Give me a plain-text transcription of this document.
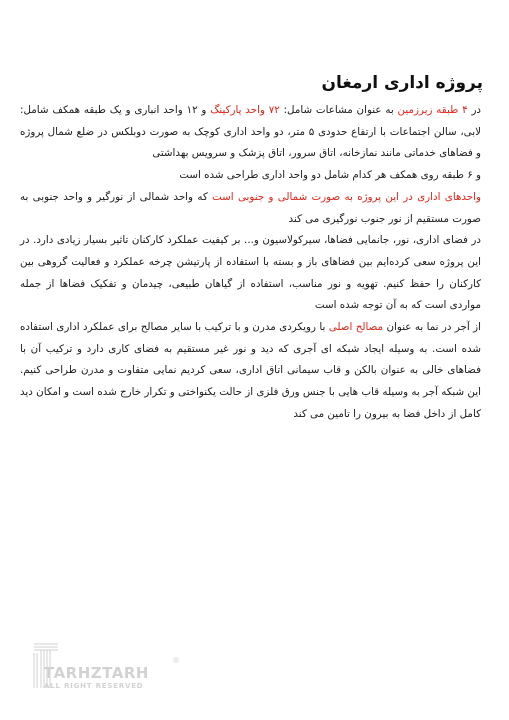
پروژه اداری ارمغان

در ۴ طبقه زیرزمین به عنوان مشاعات شامل: ۷۲ واحد پارکینگ و ۱۲ واحد انباری و یک طبقه همکف شامل: لابی، سالن اجتماعات با ارتفاع حدودی ۵ متر، دو واحد اداری کوچک به صورت دوبلکس در ضلع شمال پروژه و فضاهای خدماتی مانند نمازخانه، اتاق سرور، اتاق پزشک و سرویس بهداشتی

و ۶ طبقه روی همکف هر کدام شامل دو واحد اداری طراحی شده است

واحدهای اداری در این پروژه به صورت شمالی و جنوبی است که واحد شمالی از نورگیر و واحد جنوبی به صورت مستقیم از نور جنوب نورگیری می کند

در فضای اداری، نور، جانمایی فضاها، سیرکولاسیون و... بر کیفیت عملکرد کارکنان تاثیر بسیار زیادی دارد. در این پروژه سعی کرده‌ایم بین فضاهای باز و بسته با استفاده از پارتیشن چرخه عملکرد و فعالیت گروهی بین کارکنان را حفظ کنیم. تهویه و نور مناسب، استفاده از گیاهان طبیعی، چیدمان و تفکیک فضاها از جمله مواردی است که به آن توجه شده است

از آجر در نما به عنوان مصالح اصلی با رویکردی مدرن و با ترکیب با سایر مصالح برای عملکرد اداری استفاده شده است. به وسیله ایجاد شبکه ای آجری که دید و نور غیر مستقیم به فضای کاری دارد و ترکیب آن با فضاهای خالی به عنوان بالکن و قاب سیمانی اتاق اداری، سعی کردیم نمایی متفاوت و مدرن طراحی کنیم. این شبکه آجر به وسیله قاب هایی با جنس ورق فلزی از حالت یکنواختی و تکرار خارج شده است و امکان دید کامل از داخل فضا به بیرون را تامین می کند

TARHZTARH
ALL RIGHT RESERVED
®
